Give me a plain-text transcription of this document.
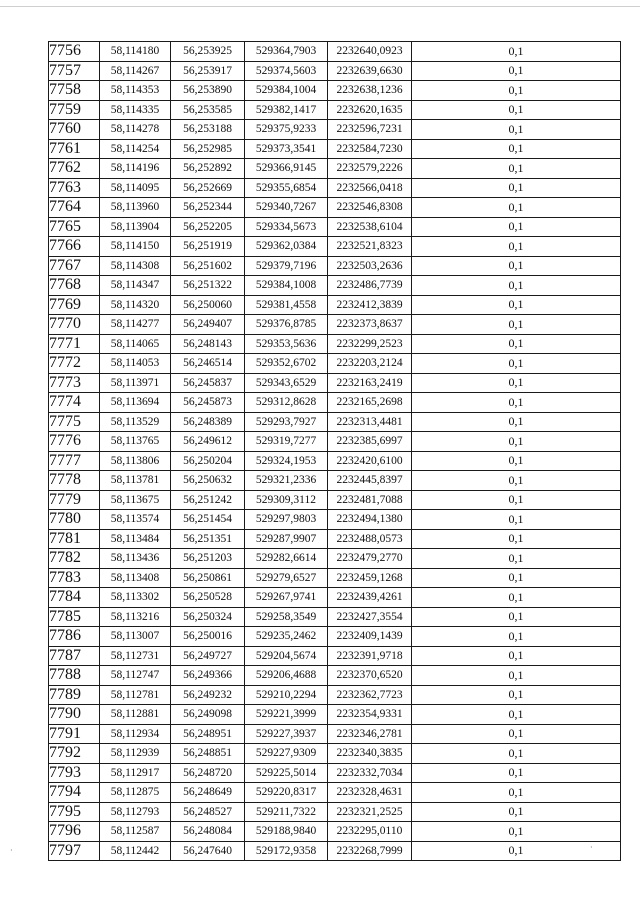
7756	58,114180	56,253925	529364,7903	2232640,0923	0,1
7757	58,114267	56,253917	529374,5603	2232639,6630	0,1
7758	58,114353	56,253890	529384,1004	2232638,1236	0,1
7759	58,114335	56,253585	529382,1417	2232620,1635	0,1
7760	58,114278	56,253188	529375,9233	2232596,7231	0,1
7761	58,114254	56,252985	529373,3541	2232584,7230	0,1
7762	58,114196	56,252892	529366,9145	2232579,2226	0,1
7763	58,114095	56,252669	529355,6854	2232566,0418	0,1
7764	58,113960	56,252344	529340,7267	2232546,8308	0,1
7765	58,113904	56,252205	529334,5673	2232538,6104	0,1
7766	58,114150	56,251919	529362,0384	2232521,8323	0,1
7767	58,114308	56,251602	529379,7196	2232503,2636	0,1
7768	58,114347	56,251322	529384,1008	2232486,7739	0,1
7769	58,114320	56,250060	529381,4558	2232412,3839	0,1
7770	58,114277	56,249407	529376,8785	2232373,8637	0,1
7771	58,114065	56,248143	529353,5636	2232299,2523	0,1
7772	58,114053	56,246514	529352,6702	2232203,2124	0,1
7773	58,113971	56,245837	529343,6529	2232163,2419	0,1
7774	58,113694	56,245873	529312,8628	2232165,2698	0,1
7775	58,113529	56,248389	529293,7927	2232313,4481	0,1
7776	58,113765	56,249612	529319,7277	2232385,6997	0,1
7777	58,113806	56,250204	529324,1953	2232420,6100	0,1
7778	58,113781	56,250632	529321,2336	2232445,8397	0,1
7779	58,113675	56,251242	529309,3112	2232481,7088	0,1
7780	58,113574	56,251454	529297,9803	2232494,1380	0,1
7781	58,113484	56,251351	529287,9907	2232488,0573	0,1
7782	58,113436	56,251203	529282,6614	2232479,2770	0,1
7783	58,113408	56,250861	529279,6527	2232459,1268	0,1
7784	58,113302	56,250528	529267,9741	2232439,4261	0,1
7785	58,113216	56,250324	529258,3549	2232427,3554	0,1
7786	58,113007	56,250016	529235,2462	2232409,1439	0,1
7787	58,112731	56,249727	529204,5674	2232391,9718	0,1
7788	58,112747	56,249366	529206,4688	2232370,6520	0,1
7789	58,112781	56,249232	529210,2294	2232362,7723	0,1
7790	58,112881	56,249098	529221,3999	2232354,9331	0,1
7791	58,112934	56,248951	529227,3937	2232346,2781	0,1
7792	58,112939	56,248851	529227,9309	2232340,3835	0,1
7793	58,112917	56,248720	529225,5014	2232332,7034	0,1
7794	58,112875	56,248649	529220,8317	2232328,4631	0,1
7795	58,112793	56,248527	529211,7322	2232321,2525	0,1
7796	58,112587	56,248084	529188,9840	2232295,0110	0,1
7797	58,112442	56,247640	529172,9358	2232268,7999	0,1
·	·
